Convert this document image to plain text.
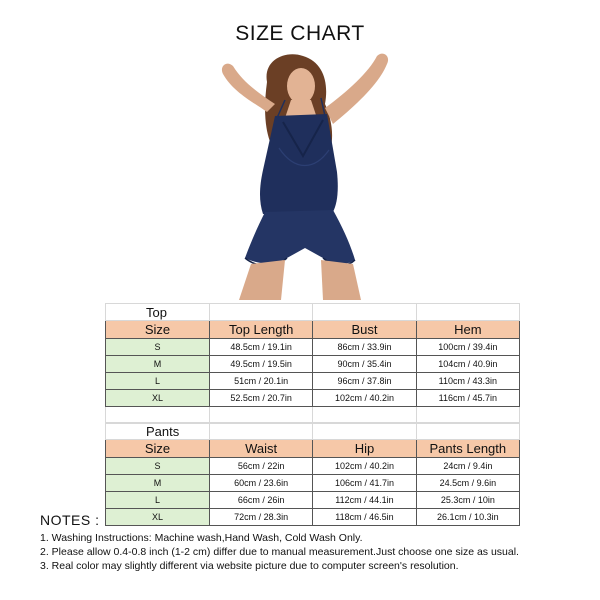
SIZE CHART
Top			
Size	Top Length	Bust	Hem
S	48.5cm / 19.1in	86cm / 33.9in	100cm / 39.4in
M	49.5cm / 19.5in	90cm / 35.4in	104cm / 40.9in
L	51cm / 20.1in	96cm / 37.8in	110cm / 43.3in
XL	52.5cm / 20.7in	102cm / 40.2in	116cm / 45.7in

Pants			
Size	Waist	Hip	Pants Length
S	56cm / 22in	102cm / 40.2in	24cm / 9.4in
M	60cm / 23.6in	106cm / 41.7in	24.5cm / 9.6in
L	66cm / 26in	112cm / 44.1in	25.3cm / 10in
XL	72cm / 28.3in	118cm / 46.5in	26.1cm / 10.3in
NOTES :
1. Washing Instructions: Machine wash,Hand Wash, Cold Wash Only.
2. Please allow 0.4-0.8 inch (1-2 cm) differ due to manual measurement.Just choose one size as usual.
3. Real color may slightly different via website picture due to computer screen's resolution.
